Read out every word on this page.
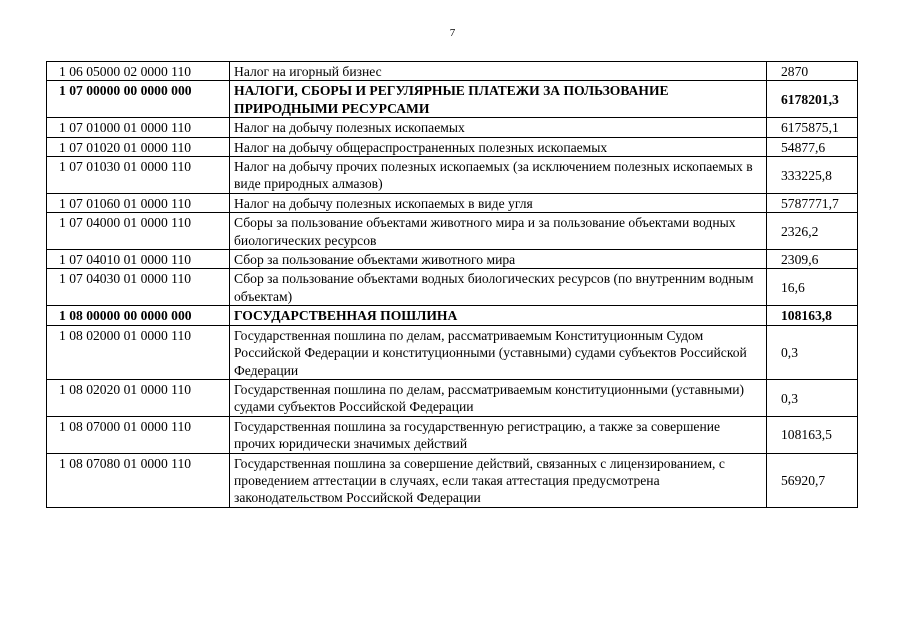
7
1 06 05000 02 0000 110	Налог на игорный бизнес	2870
1 07 00000 00 0000 000	НАЛОГИ, СБОРЫ И РЕГУЛЯРНЫЕ ПЛАТЕЖИ ЗА ПОЛЬЗОВАНИЕ ПРИРОДНЫМИ РЕСУРСАМИ	6178201,3
1 07 01000 01 0000 110	Налог на добычу полезных ископаемых	6175875,1
1 07 01020 01 0000 110	Налог на добычу общераспространенных полезных ископаемых	54877,6
1 07 01030 01 0000 110	Налог на добычу прочих полезных ископаемых (за исключением полезных ископаемых в виде природных алмазов)	333225,8
1 07 01060 01 0000 110	Налог на добычу полезных ископаемых в виде угля	5787771,7
1 07 04000 01 0000 110	Сборы за пользование объектами животного мира и за пользование объектами водных биологических ресурсов	2326,2
1 07 04010 01 0000 110	Сбор за пользование объектами животного мира	2309,6
1 07 04030 01 0000 110	Сбор за пользование объектами водных биологических ресурсов (по внутренним водным объектам)	16,6
1 08 00000 00 0000 000	ГОСУДАРСТВЕННАЯ ПОШЛИНА	108163,8
1 08 02000 01 0000 110	Государственная пошлина по делам, рассматриваемым Конституционным Судом Российской Федерации и конституционными (уставными) судами субъектов Российской Федерации	0,3
1 08 02020 01 0000 110	Государственная пошлина по делам, рассматриваемым конституционными (уставными) судами субъектов Российской Федерации	0,3
1 08 07000 01 0000 110	Государственная пошлина за государственную регистрацию, а также за совершение прочих юридически значимых действий	108163,5
1 08 07080 01 0000 110	Государственная пошлина за совершение действий, связанных с лицензированием, с проведением аттестации в случаях, если такая аттестация предусмотрена законодательством Российской Федерации	56920,7
